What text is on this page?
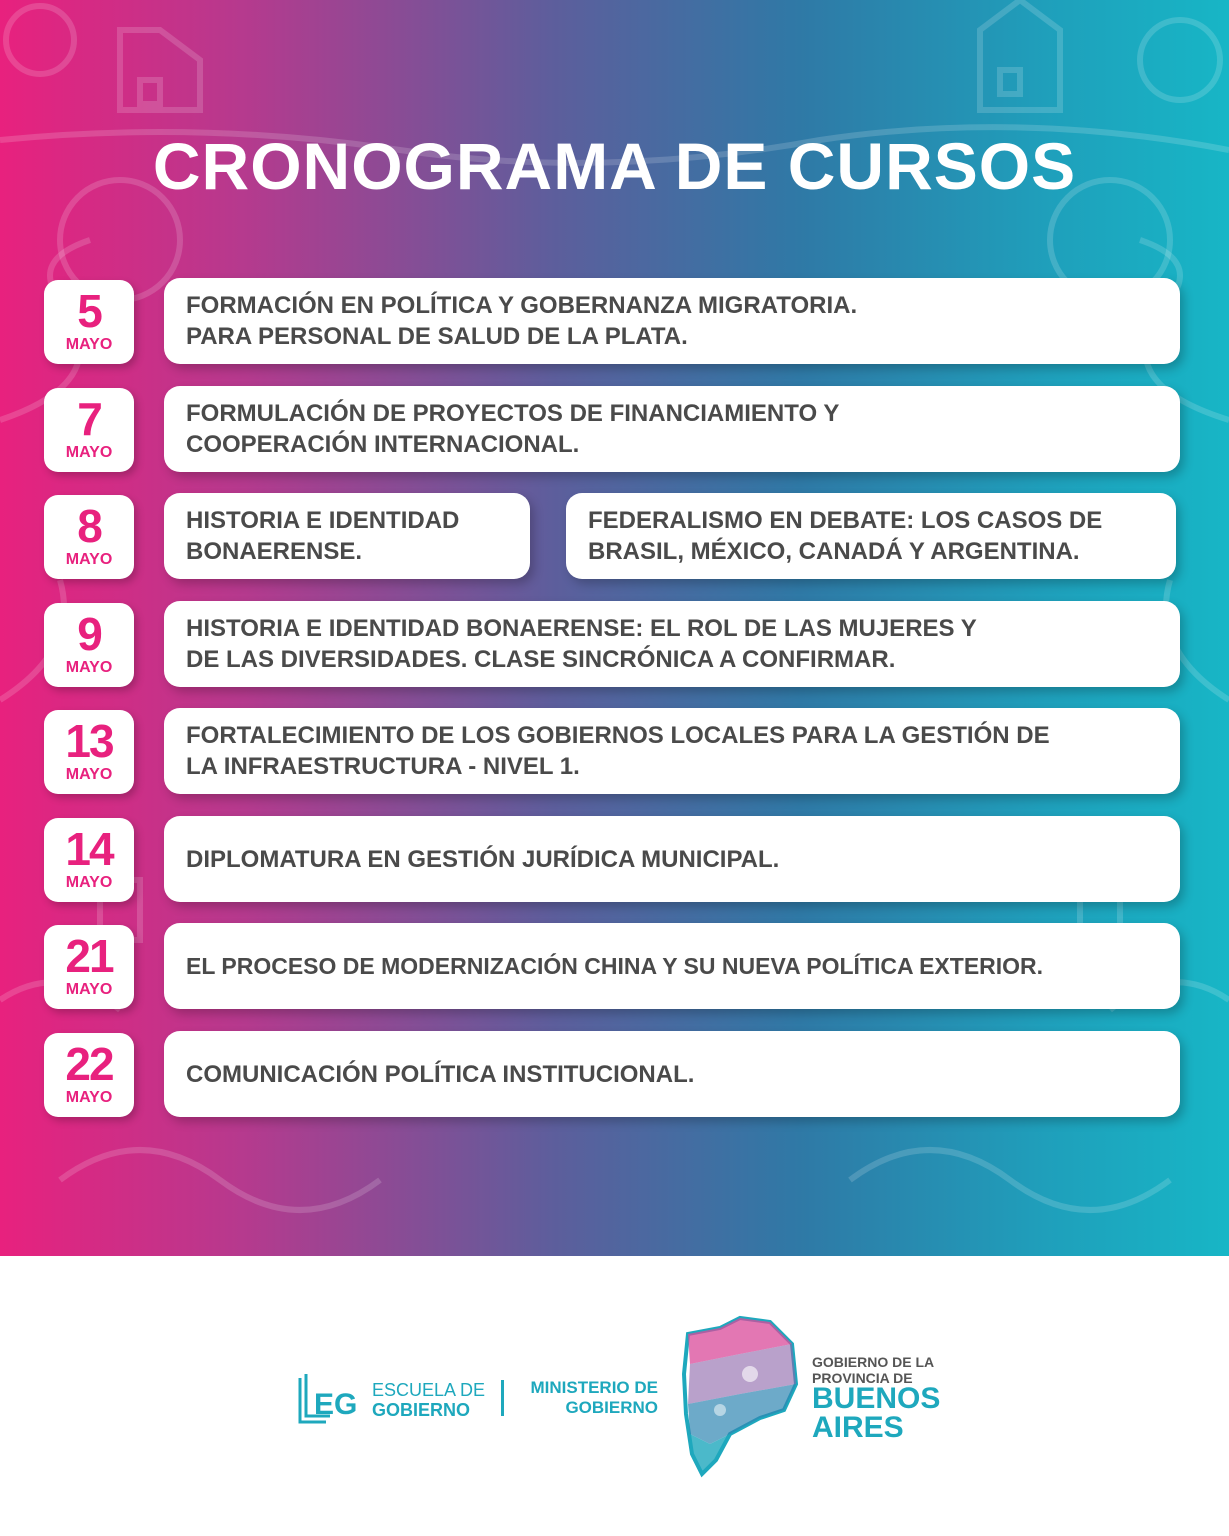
CRONOGRAMA DE CURSOS
5
MAYO
FORMACIÓN EN POLÍTICA Y GOBERNANZA MIGRATORIA.
PARA PERSONAL DE SALUD DE LA PLATA.
7
MAYO
FORMULACIÓN DE PROYECTOS DE FINANCIAMIENTO Y
COOPERACIÓN INTERNACIONAL.
8
MAYO
HISTORIA E IDENTIDAD
BONAERENSE.
FEDERALISMO EN DEBATE: LOS CASOS DE
BRASIL, MÉXICO, CANADÁ Y ARGENTINA.
9
MAYO
HISTORIA E IDENTIDAD BONAERENSE: EL ROL DE LAS MUJERES Y
DE LAS DIVERSIDADES. CLASE SINCRÓNICA A CONFIRMAR.
13
MAYO
FORTALECIMIENTO DE LOS GOBIERNOS LOCALES PARA LA GESTIÓN DE
LA INFRAESTRUCTURA - NIVEL 1.
14
MAYO
DIPLOMATURA EN GESTIÓN JURÍDICA MUNICIPAL.
21
MAYO
EL PROCESO DE MODERNIZACIÓN CHINA Y SU NUEVA POLÍTICA EXTERIOR.
22
MAYO
COMUNICACIÓN POLÍTICA INSTITUCIONAL.
EG ESCUELA DE
GOBIERNO
MINISTERIO DE
GOBIERNO
GOBIERNO DE LA
PROVINCIA DE
BUENOS
AIRES
